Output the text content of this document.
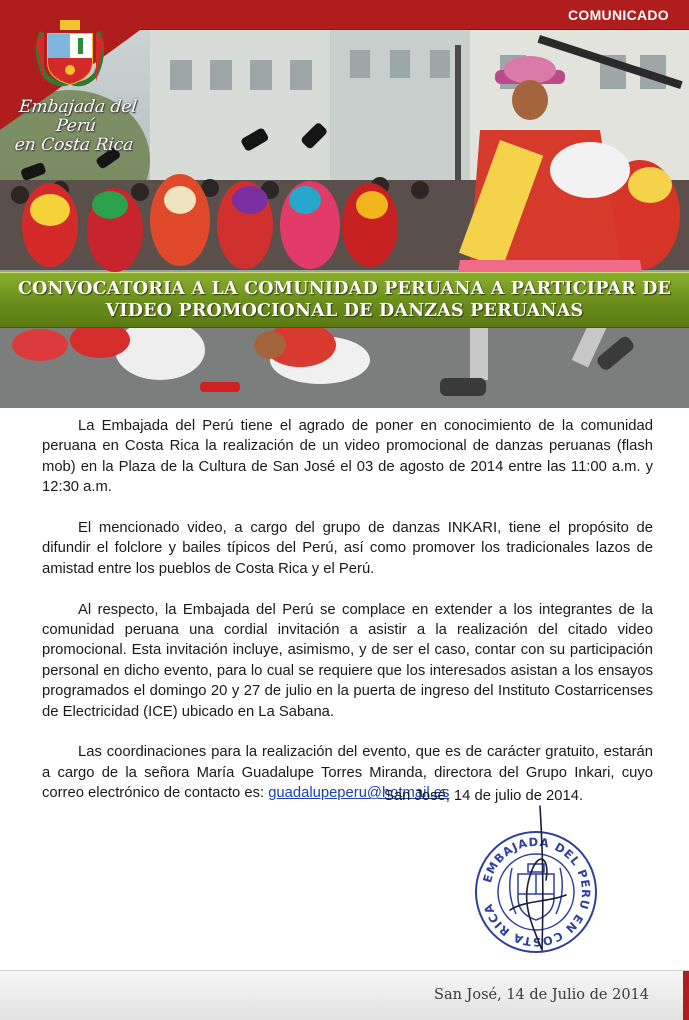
COMUNICADO
Embajada del Perú
en Costa Rica
CONVOCATORIA A LA COMUNIDAD PERUANA A PARTICIPAR DE
VIDEO PROMOCIONAL DE DANZAS PERUANAS

La Embajada del Perú tiene el agrado de poner en conocimiento de la comunidad peruana en Costa Rica la realización de un video promocional de danzas peruanas (flash mob) en la Plaza de la Cultura de San José el 03 de agosto de 2014 entre las 11:00 a.m. y 12:30 a.m.

El mencionado video, a cargo del grupo de danzas INKARI, tiene el propósito de difundir el folclore y bailes típicos del Perú, así como promover los tradicionales lazos de amistad entre los pueblos de Costa Rica y el Perú.

Al respecto, la Embajada del Perú se complace en extender a los integrantes de la comunidad peruana una cordial invitación a asistir a la realización del citado video promocional. Esta invitación incluye, asimismo, y de ser el caso, contar con su participación personal en dicho evento, para lo cual se requiere que los interesados asistan a los ensayos programados el domingo 20 y 27 de julio en la puerta de ingreso del Instituto Costarricenses de Electricidad (ICE) ubicado en La Sabana.

Las coordinaciones para la realización del evento, que es de carácter gratuito, estarán a cargo de la señora María Guadalupe Torres Miranda, directora del Grupo Inkari, cuyo correo electrónico de contacto es: guadalupeperu@hotmail.es

San José, 14 de julio de 2014.
EMBAJADA DEL PERU EN COSTA RICA
San José, 14 de Julio de 2014
